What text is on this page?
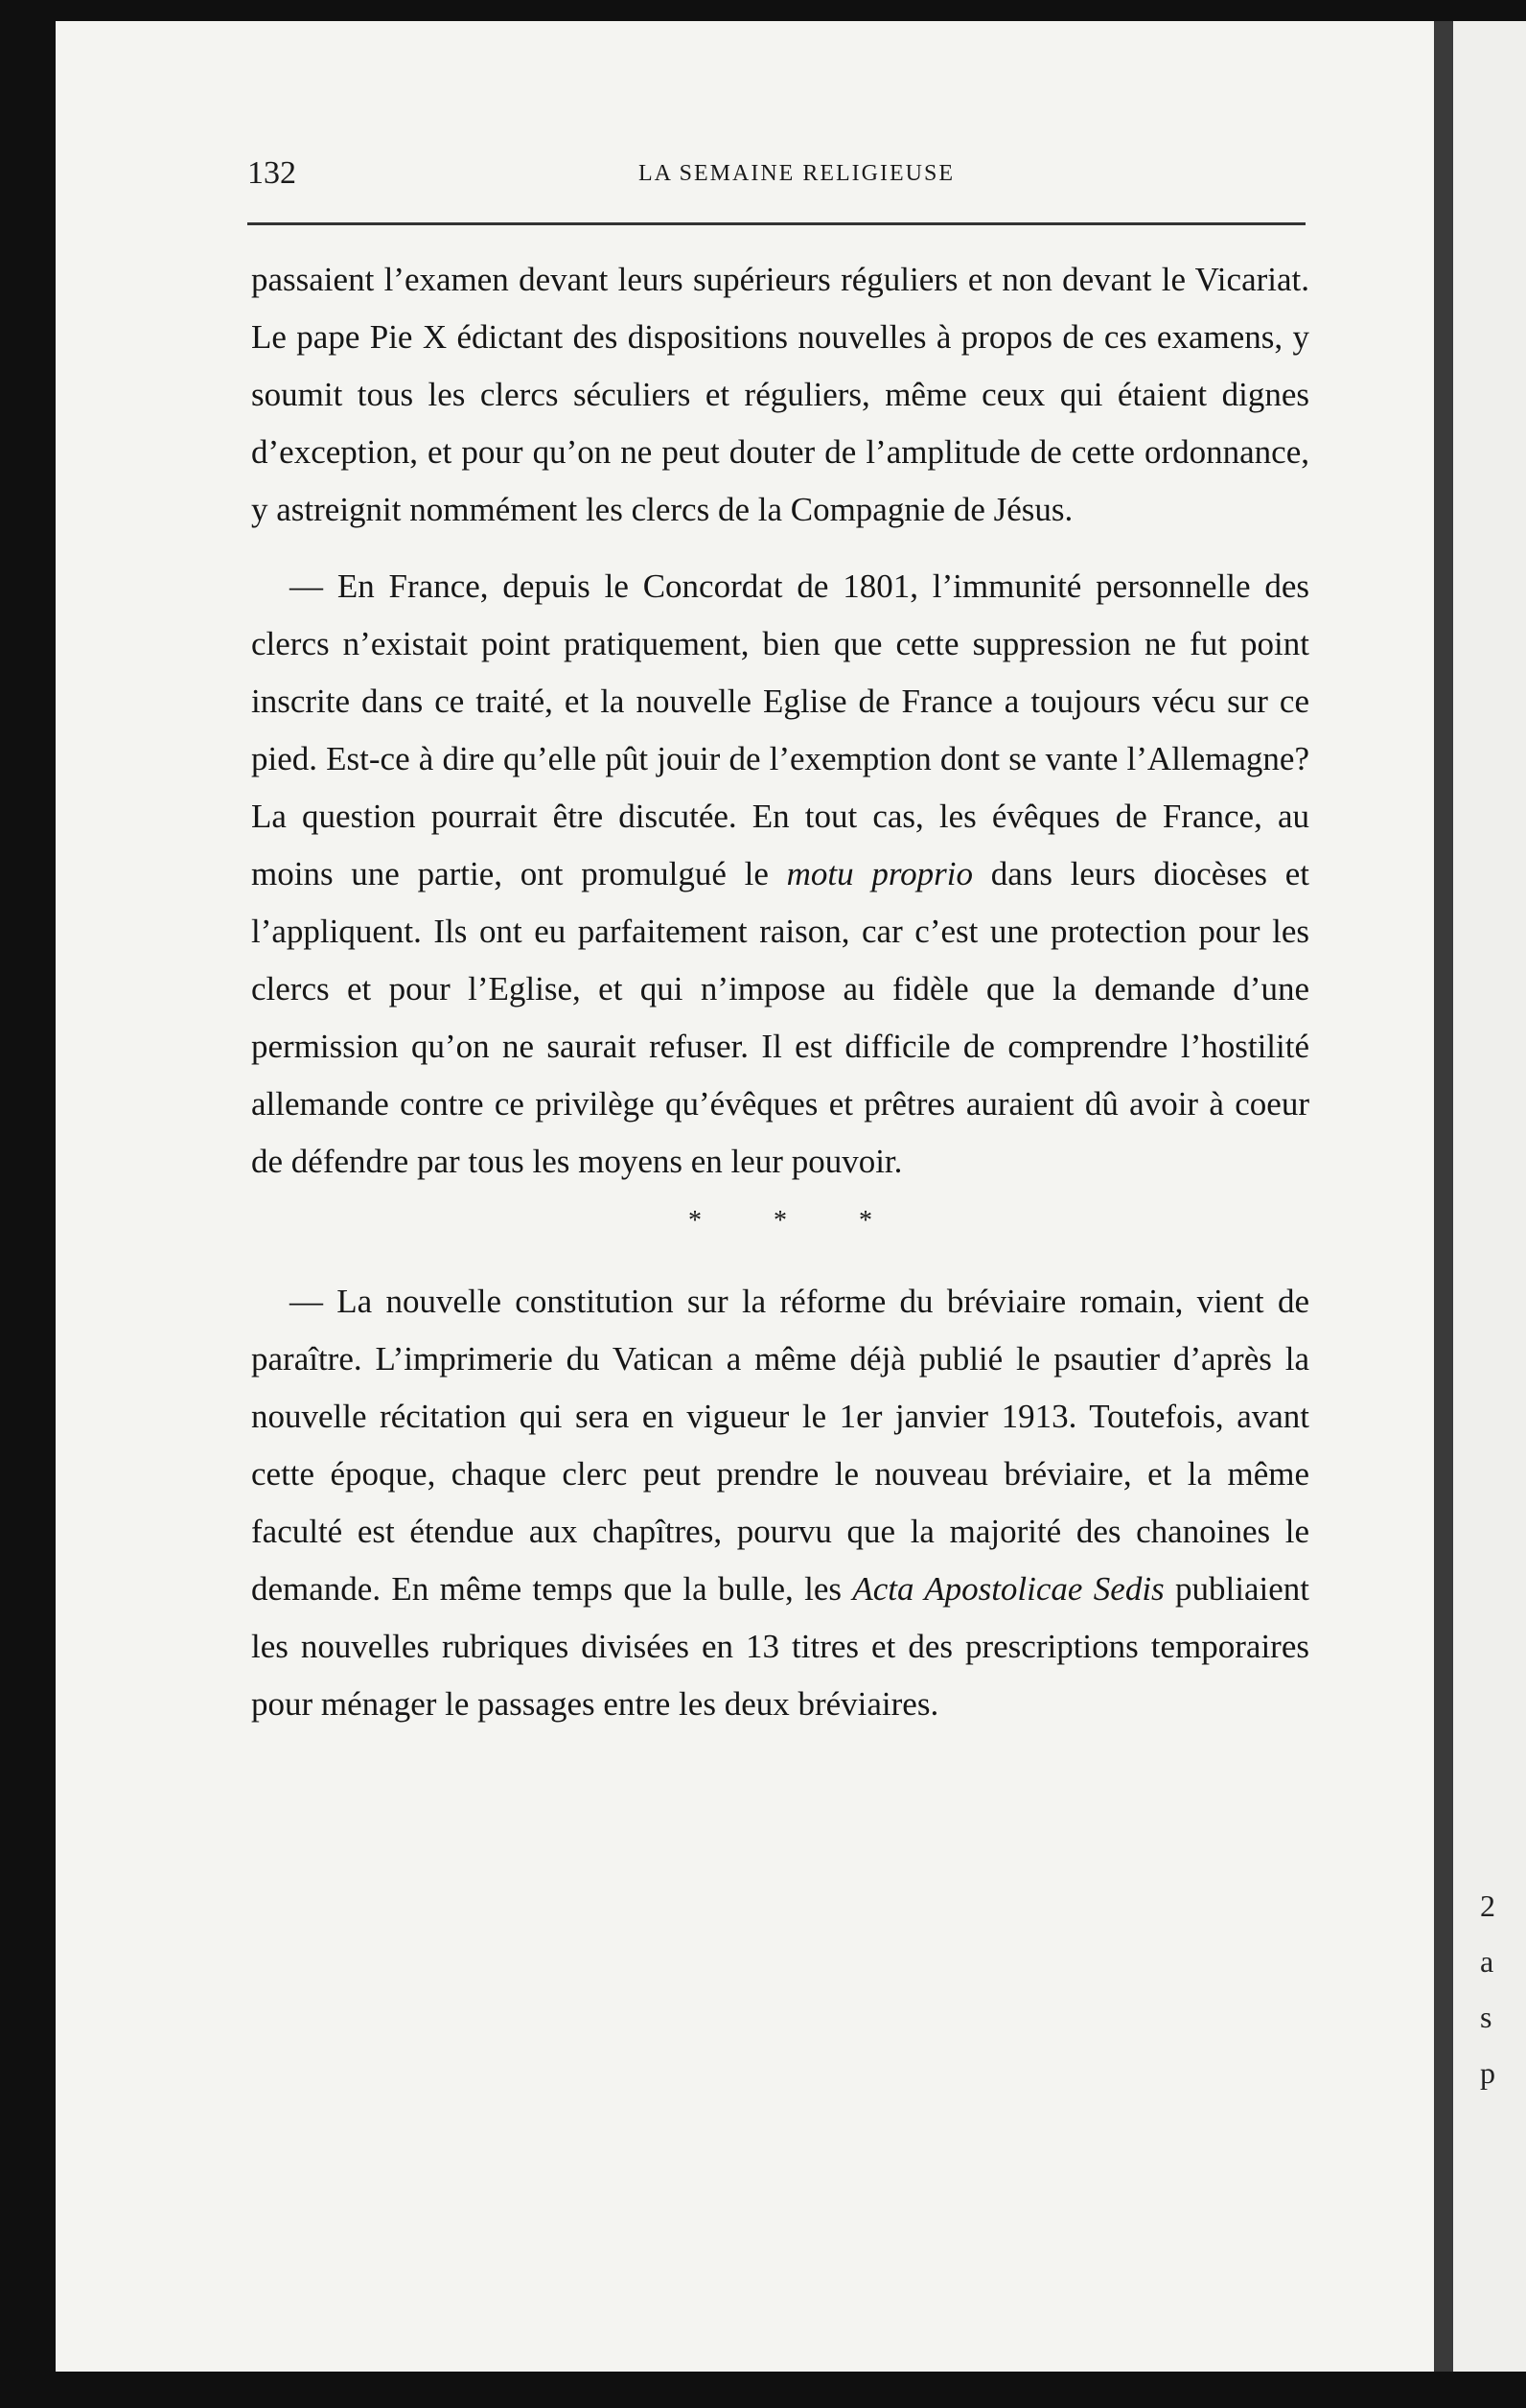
2
a
s
p
132	LA SEMAINE RELIGIEUSE

passaient l’examen devant leurs supérieurs réguliers et non devant le Vicariat. Le pape Pie X édictant des dispositions nouvelles à propos de ces examens, y soumit tous les clercs séculiers et réguliers, même ceux qui étaient dignes d’exception, et pour qu’on ne peut douter de l’amplitude de cette ordonnance, y astreignit nommément les clercs de la Compagnie de Jésus.

— En France, depuis le Concordat de 1801, l’immunité personnelle des clercs n’existait point pratiquement, bien que cette suppression ne fut point inscrite dans ce traité, et la nouvelle Eglise de France a toujours vécu sur ce pied. Est-ce à dire qu’elle pût jouir de l’exemption dont se vante l’Allemagne? La question pourrait être discutée. En tout cas, les évêques de France, au moins une partie, ont promulgué le motu proprio dans leurs diocèses et l’appliquent. Ils ont eu parfaitement raison, car c’est une protection pour les clercs et pour l’Eglise, et qui n’impose au fidèle que la demande d’une permission qu’on ne saurait refuser. Il est difficile de comprendre l’hostilité allemande contre ce privilège qu’évêques et prêtres auraient dû avoir à coeur de défendre par tous les moyens en leur pouvoir.

* * *

— La nouvelle constitution sur la réforme du bréviaire romain, vient de paraître. L’imprimerie du Vatican a même déjà publié le psautier d’après la nouvelle récitation qui sera en vigueur le 1er janvier 1913. Toutefois, avant cette époque, chaque clerc peut prendre le nouveau bréviaire, et la même faculté est étendue aux chapîtres, pourvu que la majorité des chanoines le demande. En même temps que la bulle, les Acta Apostolicae Sedis publiaient les nouvelles rubriques divisées en 13 titres et des prescriptions temporaires pour ménager le passages entre les deux bréviaires.
